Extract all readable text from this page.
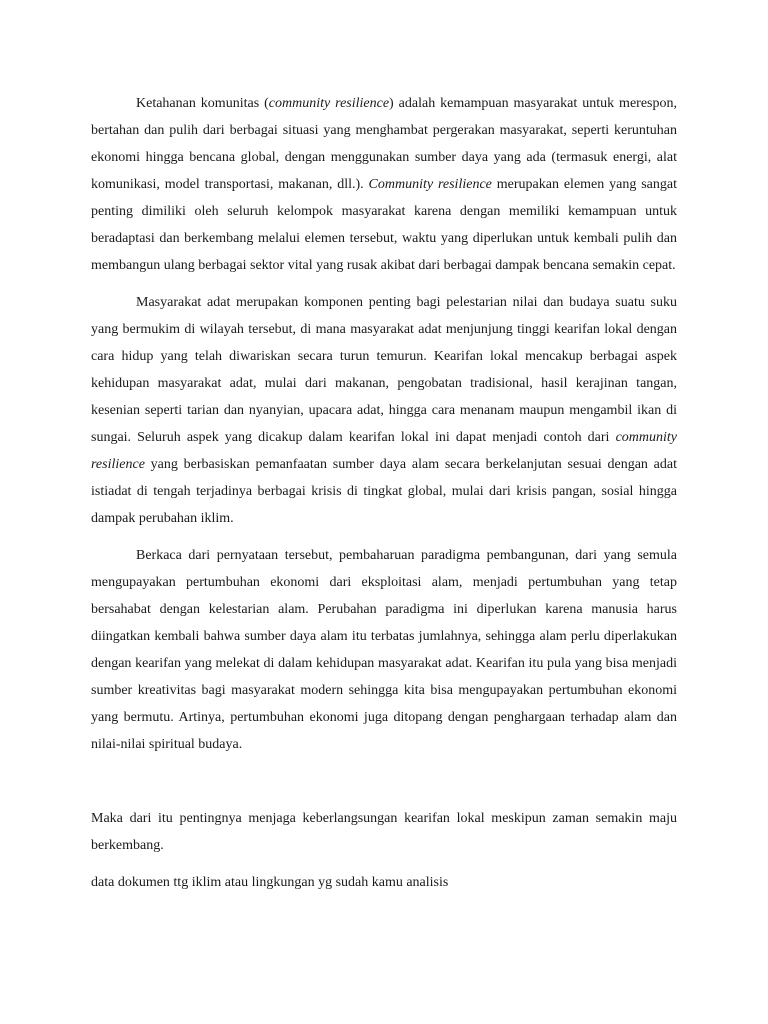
Ketahanan komunitas (community resilience) adalah kemampuan masyarakat untuk merespon, bertahan dan pulih dari berbagai situasi yang menghambat pergerakan masyarakat, seperti keruntuhan ekonomi hingga bencana global, dengan menggunakan sumber daya yang ada (termasuk energi, alat komunikasi, model transportasi, makanan, dll.). Community resilience merupakan elemen yang sangat penting dimiliki oleh seluruh kelompok masyarakat karena dengan memiliki kemampuan untuk beradaptasi dan berkembang melalui elemen tersebut, waktu yang diperlukan untuk kembali pulih dan membangun ulang berbagai sektor vital yang rusak akibat dari berbagai dampak bencana semakin cepat.

Masyarakat adat merupakan komponen penting bagi pelestarian nilai dan budaya suatu suku yang bermukim di wilayah tersebut, di mana masyarakat adat menjunjung tinggi kearifan lokal dengan cara hidup yang telah diwariskan secara turun temurun. Kearifan lokal mencakup berbagai aspek kehidupan masyarakat adat, mulai dari makanan, pengobatan tradisional, hasil kerajinan tangan, kesenian seperti tarian dan nyanyian, upacara adat, hingga cara menanam maupun mengambil ikan di sungai. Seluruh aspek yang dicakup dalam kearifan lokal ini dapat menjadi contoh dari community resilience yang berbasiskan pemanfaatan sumber daya alam secara berkelanjutan sesuai dengan adat istiadat di tengah terjadinya berbagai krisis di tingkat global, mulai dari krisis pangan, sosial hingga dampak perubahan iklim.

Berkaca dari pernyataan tersebut, pembaharuan paradigma pembangunan, dari yang semula mengupayakan pertumbuhan ekonomi dari eksploitasi alam, menjadi pertumbuhan yang tetap bersahabat dengan kelestarian alam. Perubahan paradigma ini diperlukan karena manusia harus diingatkan kembali bahwa sumber daya alam itu terbatas jumlahnya, sehingga alam perlu diperlakukan dengan kearifan yang melekat di dalam kehidupan masyarakat adat. Kearifan itu pula yang bisa menjadi sumber kreativitas bagi masyarakat modern sehingga kita bisa mengupayakan pertumbuhan ekonomi yang bermutu. Artinya, pertumbuhan ekonomi juga ditopang dengan penghargaan terhadap alam dan nilai-nilai spiritual budaya.

Maka dari itu pentingnya menjaga keberlangsungan kearifan lokal meskipun zaman semakin maju berkembang.

data dokumen ttg iklim atau lingkungan yg sudah kamu analisis
